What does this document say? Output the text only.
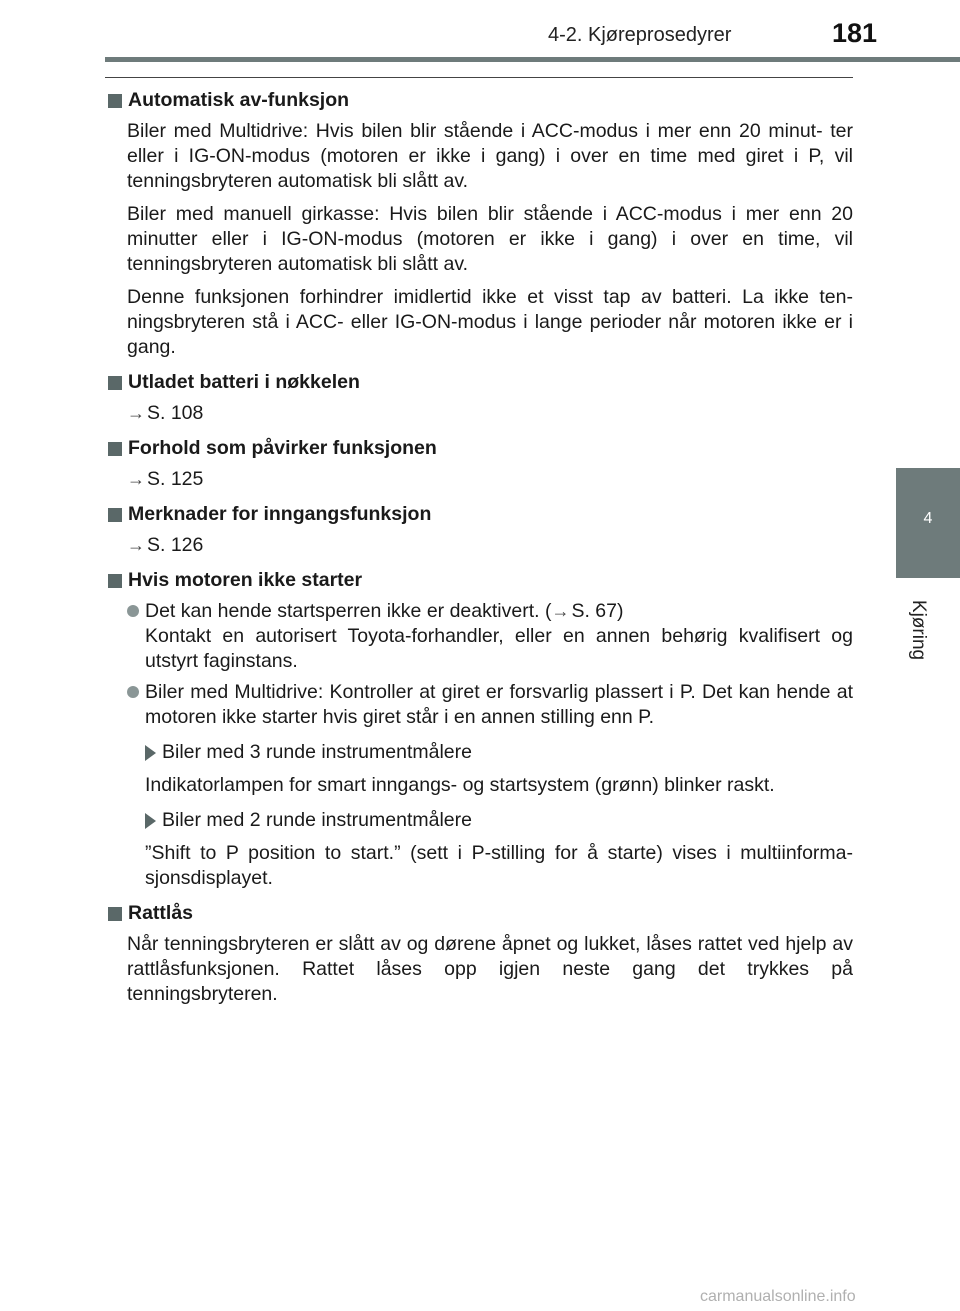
4-2. Kjøreprosedyrer	181
4
Kjøring
Automatisk av-funksjon
Biler med Multidrive: Hvis bilen blir stående i ACC-modus i mer enn 20 minut- ter eller i IG-ON-modus (motoren er ikke i gang) i over en time med giret i P, vil tenningsbryteren automatisk bli slått av.
Biler med manuell girkasse: Hvis bilen blir stående i ACC-modus i mer enn 20 minutter eller i IG-ON-modus (motoren er ikke i gang) i over en time, vil tenningsbryteren automatisk bli slått av.
Denne funksjonen forhindrer imidlertid ikke et visst tap av batteri. La ikke ten- ningsbryteren stå i ACC- eller IG-ON-modus i lange perioder når motoren ikke er i gang.
Utladet batteri i nøkkelen
→ S. 108
Forhold som påvirker funksjonen
→ S. 125
Merknader for inngangsfunksjon
→ S. 126
Hvis motoren ikke starter
Det kan hende startsperren ikke er deaktivert. (→ S. 67)
Kontakt en autorisert Toyota-forhandler, eller en annen behørig kvalifisert og utstyrt faginstans.
Biler med Multidrive: Kontroller at giret er forsvarlig plassert i P. Det kan hende at motoren ikke starter hvis giret står i en annen stilling enn P.
Biler med 3 runde instrumentmålere
Indikatorlampen for smart inngangs- og startsystem (grønn) blinker raskt.
Biler med 2 runde instrumentmålere
”Shift to P position to start.” (sett i P-stilling for å starte) vises i multiinforma- sjonsdisplayet.
Rattlås
Når tenningsbryteren er slått av og dørene åpnet og lukket, låses rattet ved hjelp av rattlåsfunksjonen. Rattet låses opp igjen neste gang det trykkes på tenningsbryteren.
carmanualsonline.info
